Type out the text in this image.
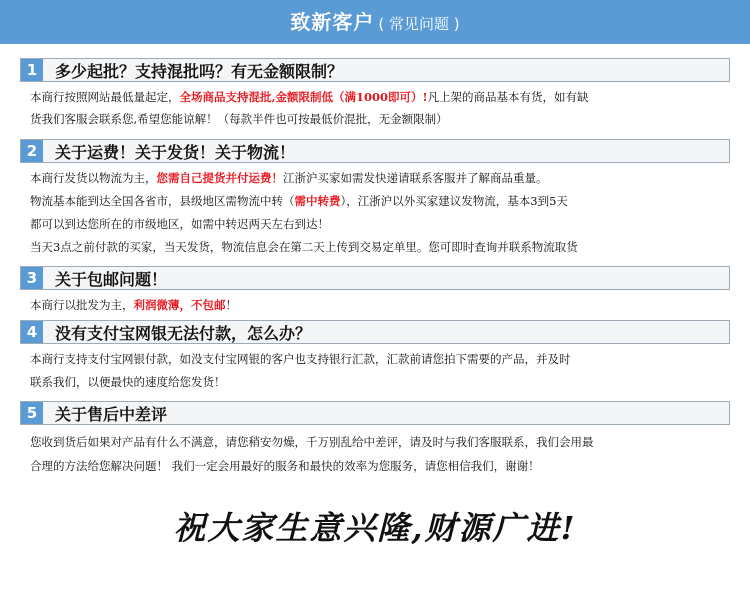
致新客户 ( 常见问题 )
1	多少起批？支持混批吗？有无金额限制？
本商行按照网站最低量起定，全场商品支持混批,金额限制低（满1000即可）!凡上架的商品基本有货，如有缺
货我们客服会联系您,希望您能谅解！（每款半件也可按最低价混批，无金额限制）
2	关于运费！关于发货！关于物流！
本商行发货以物流为主，您需自己提货并付运费！江浙沪买家如需发快递请联系客服并了解商品重量。
物流基本能到达全国各省市，县级地区需物流中转（需中转费），江浙沪以外买家建议发物流，基本3到5天
都可以到达您所在的市级地区，如需中转迟两天左右到达！
当天3点之前付款的买家，当天发货，物流信息会在第二天上传到交易定单里。您可即时查询并联系物流取货
3	关于包邮问题！
本商行以批发为主，利润微薄，不包邮！
4	没有支付宝网银无法付款，怎么办？
本商行支持支付宝网银付款，如没支付宝网银的客户也支持银行汇款，汇款前请您拍下需要的产品，并及时
联系我们，以便最快的速度给您发货！
5	关于售后中差评
您收到货后如果对产品有什么不满意，请您稍安勿燥，千万别乱给中差评，请及时与我们客服联系，我们会用最
合理的方法给您解决问题！ 我们一定会用最好的服务和最快的效率为您服务，请您相信我们，谢谢！
祝大家生意兴隆,财源广进!
